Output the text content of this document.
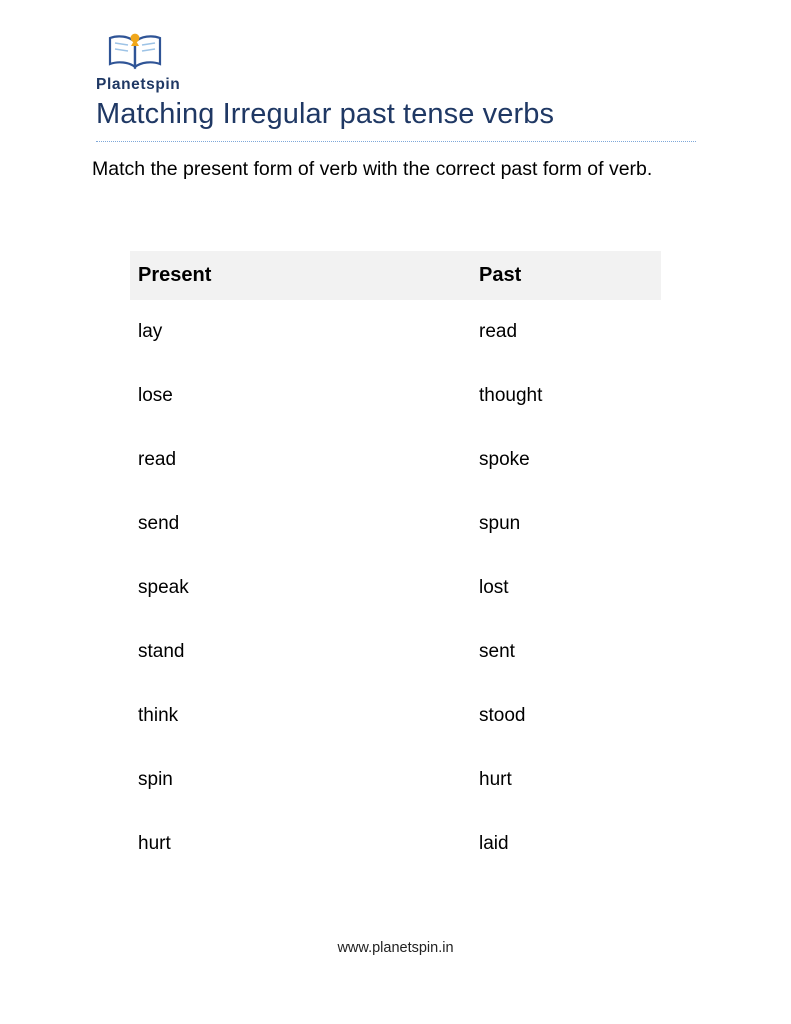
Planetspin
Matching Irregular past tense verbs
Match the present form of verb with the correct past form of verb.
Present	Past
lay	read
lose	thought
read	spoke
send	spun
speak	lost
stand	sent
think	stood
spin	hurt
hurt	laid
www.planetspin.in
